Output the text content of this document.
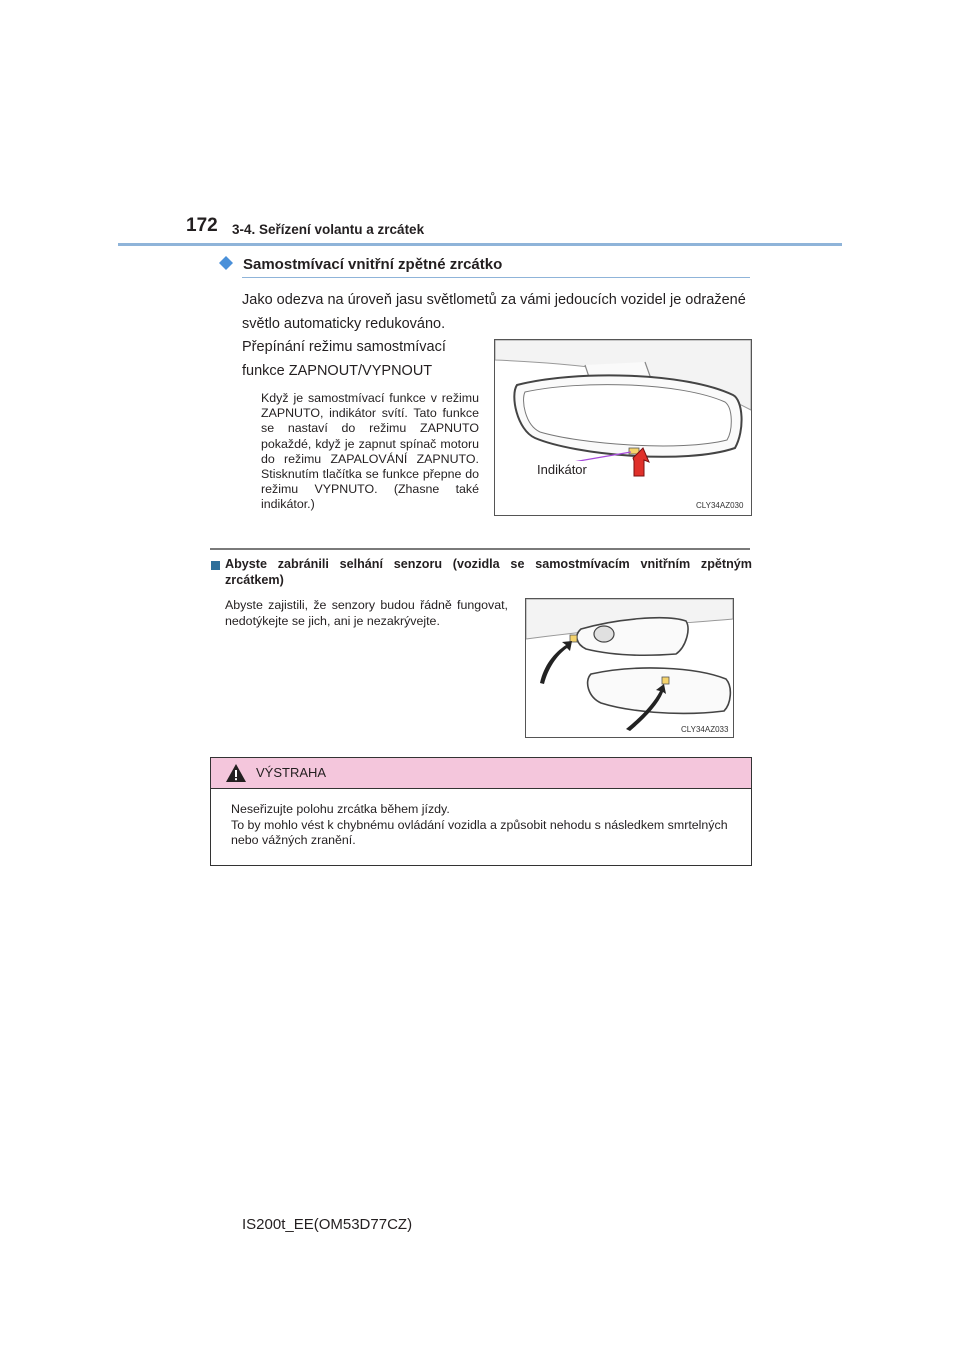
172 3-4. Seřízení volantu a zrcátek
Samostmívací vnitřní zpětné zrcátko
Jako odezva na úroveň jasu světlometů za vámi jedoucích vozidel je odražené světlo automaticky redukováno.
Přepínání režimu samostmívací funkce ZAPNOUT/VYPNOUT
Když je samostmívací funkce v režimu ZAPNUTO, indikátor svítí. Tato funkce se nastaví do režimu ZAPNUTO pokaždé, když je zapnut spínač motoru do režimu ZAPALOVÁNÍ ZAPNUTO. Stisknutím tlačítka se funkce přepne do režimu VYPNUTO. (Zhasne také indikátor.)
Indikátor
CLY34AZ030
Abyste zabránili selhání senzoru (vozidla se samostmívacím vnitřním zpětným zrcátkem)
Abyste zajistili, že senzory budou řádně fungovat, nedotýkejte se jich, ani je nezakrývejte.
CLY34AZ033
VÝSTRAHA
Neseřizujte polohu zrcátka během jízdy.
To by mohlo vést k chybnému ovládání vozidla a způsobit nehodu s následkem smrtelných nebo vážných zranění.
IS200t_EE(OM53D77CZ)
